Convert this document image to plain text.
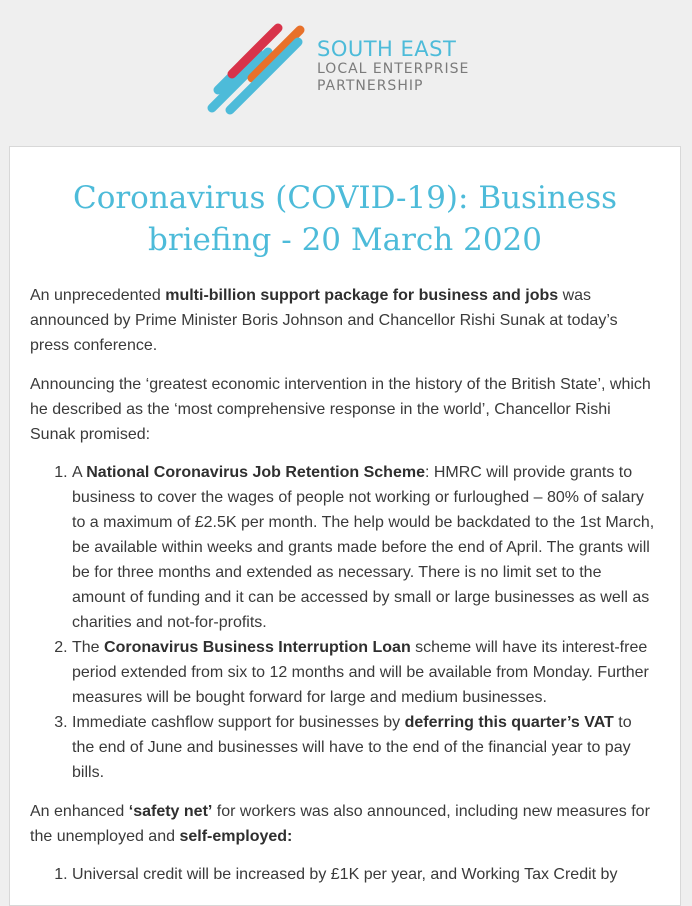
SOUTH EAST
LOCAL ENTERPRISE
PARTNERSHIP
Coronavirus (COVID-19): Business briefing - 20 March 2020

An unprecedented multi-billion support package for business and jobs was announced by Prime Minister Boris Johnson and Chancellor Rishi Sunak at today’s press conference.

Announcing the ‘greatest economic intervention in the history of the British State’, which he described as the ‘most comprehensive response in the world’, Chancellor Rishi Sunak promised:

1. A National Coronavirus Job Retention Scheme: HMRC will provide grants to business to cover the wages of people not working or furloughed – 80% of salary to a maximum of £2.5K per month. The help would be backdated to the 1st March, be available within weeks and grants made before the end of April. The grants will be for three months and extended as necessary. There is no limit set to the amount of funding and it can be accessed by small or large businesses as well as charities and not-for-profits.
2. The Coronavirus Business Interruption Loan scheme will have its interest-free period extended from six to 12 months and will be available from Monday. Further measures will be bought forward for large and medium businesses.
3. Immediate cashflow support for businesses by deferring this quarter’s VAT to the end of June and businesses will have to the end of the financial year to pay bills.

An enhanced ‘safety net’ for workers was also announced, including new measures for the unemployed and self-employed:

1. Universal credit will be increased by £1K per year, and Working Tax Credit by
